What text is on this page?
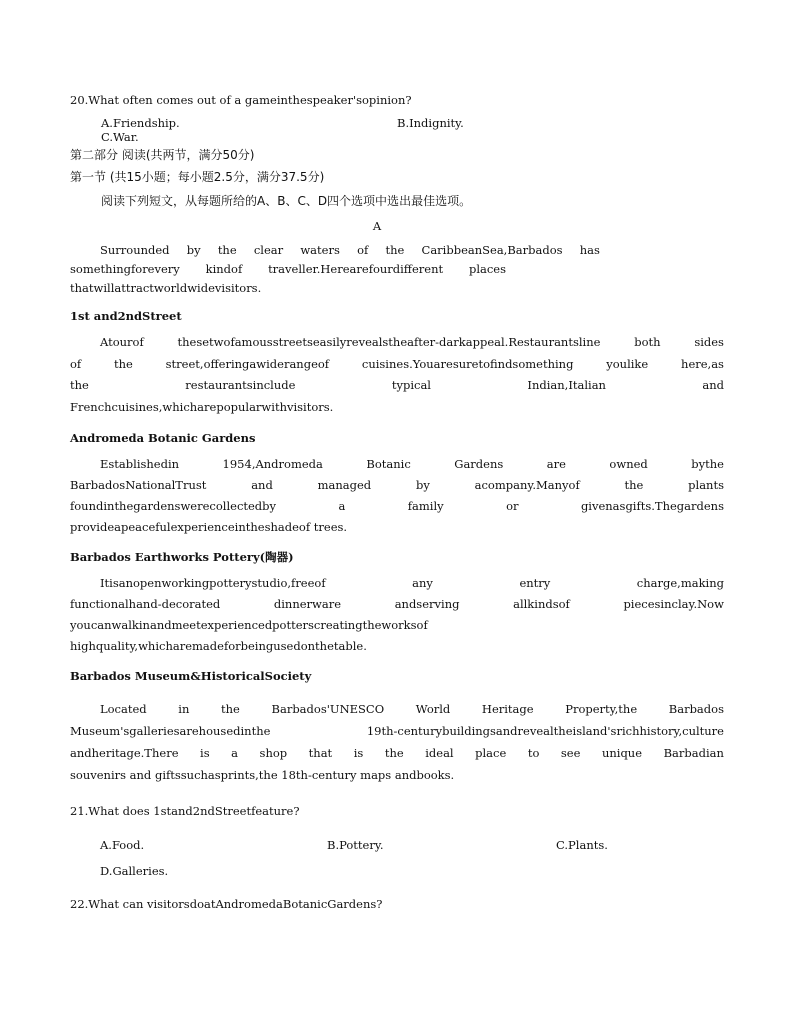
20.What often comes out of a gameinthespeaker'sopinion?
A.Friendship.	B.Indignity.
C.War.
第二部分 阅读(共两节，满分50分)
第一节 (共15小题；每小题2.5分，满分37.5分)
阅读下列短文，从每题所给的A、B、C、D四个选项中选出最佳选项。
A
Surrounded by the clear waters of the CaribbeanSea,Barbados has
somethingforevery kindof traveller.Herearefourdifferent places
thatwillattractworldwidevisitors.
1st and2ndStreet
Atourof	thesetwofamousstreetseasilyrevealstheafter-darkappeal.Restaurantsline	both	sides
of	the	street,offeringawiderangeof	cuisines.Youaresuretofindsomething	youlike	here,as
the	restaurantsinclude	typical	Indian,Italian	and
Frenchcuisines,whicharepopularwithvisitors.
Andromeda Botanic Gardens
Establishedin	1954,Andromeda	Botanic	Gardens	are	owned	bythe
BarbadosNationalTrust	and	managed	by	acompany.Manyof	the	plants
foundinthegardenswerecollectedby	a	family	or	givenasgifts.Thegardens
provideapeacefulexperienceintheshadeof trees.
Barbados Earthworks Pottery(陶器)
Itisanopenworkingpotterystudio,freeof	any	entry	charge,making
functionalhand-decorated	dinnerware	andserving	allkindsof	piecesinclay.Now
youcanwalkinandmeetexperiencedpotterscreatingtheworksof
highquality,whicharemadeforbeingusedonthetable.
Barbados Museum&HistoricalSociety
Located	in	the	Barbados'UNESCO	World	Heritage	Property,the	Barbados
Museum'sgalleriesarehousedinthe	19th-centurybuildingsandrevealtheisland'srichhistory,culture
andheritage.There is a shop that is the ideal place to see unique Barbadian
souvenirs and giftssuchasprints,the 18th-century maps andbooks.
21.What does 1stand2ndStreetfeature?
A.Food.	B.Pottery.	C.Plants.
D.Galleries.
22.What can visitorsdoatAndromedaBotanicGardens?
